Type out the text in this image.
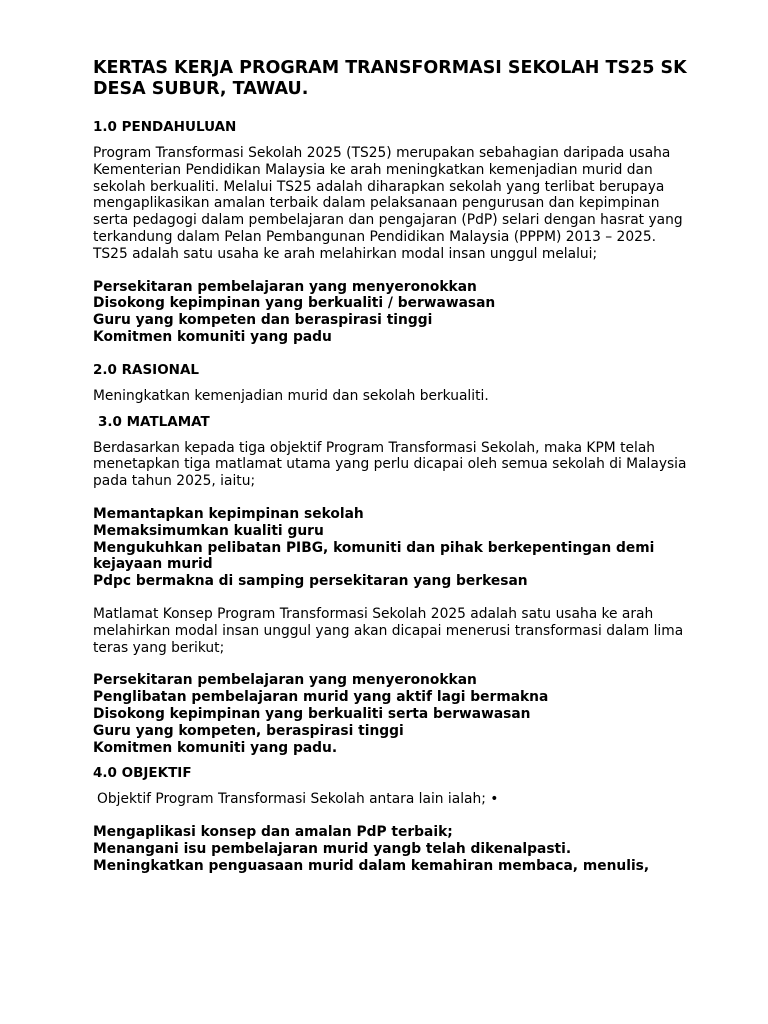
KERTAS KERJA PROGRAM TRANSFORMASI SEKOLAH TS25 SK DESA SUBUR, TAWAU.
1.0 PENDAHULUAN
Program Transformasi Sekolah 2025 (TS25) merupakan sebahagian daripada usaha Kementerian Pendidikan Malaysia ke arah meningkatkan kemenjadian murid dan sekolah berkualiti. Melalui TS25 adalah diharapkan sekolah yang terlibat berupaya mengaplikasikan amalan terbaik dalam pelaksanaan pengurusan dan kepimpinan serta pedagogi dalam pembelajaran dan pengajaran (PdP) selari dengan hasrat yang terkandung dalam Pelan Pembangunan Pendidikan Malaysia (PPPM) 2013 – 2025. TS25 adalah satu usaha ke arah melahirkan modal insan unggul melalui;
Persekitaran pembelajaran yang menyeronokkan
Disokong kepimpinan yang berkualiti / berwawasan
Guru yang kompeten dan beraspirasi tinggi
Komitmen komuniti yang padu
2.0 RASIONAL
Meningkatkan kemenjadian murid dan sekolah berkualiti.
3.0 MATLAMAT
Berdasarkan kepada tiga objektif Program Transformasi Sekolah, maka KPM telah menetapkan tiga matlamat utama yang perlu dicapai oleh semua sekolah di Malaysia pada tahun 2025, iaitu;
Memantapkan kepimpinan sekolah
Memaksimumkan kualiti guru
Mengukuhkan pelibatan PIBG, komuniti dan pihak berkepentingan demi kejayaan murid
Pdpc bermakna di samping persekitaran yang berkesan
Matlamat Konsep Program Transformasi Sekolah 2025 adalah satu usaha ke arah melahirkan modal insan unggul yang akan dicapai menerusi transformasi dalam lima teras yang berikut;
Persekitaran pembelajaran yang menyeronokkan
Penglibatan pembelajaran murid yang aktif lagi bermakna
Disokong kepimpinan yang berkualiti serta berwawasan
Guru yang kompeten, beraspirasi tinggi
Komitmen komuniti yang padu.
4.0 OBJEKTIF
Objektif Program Transformasi Sekolah antara lain ialah; •
Mengaplikasi konsep dan amalan PdP terbaik;
Menangani isu pembelajaran murid yangb telah dikenalpasti.
Meningkatkan penguasaan murid dalam kemahiran membaca, menulis,
